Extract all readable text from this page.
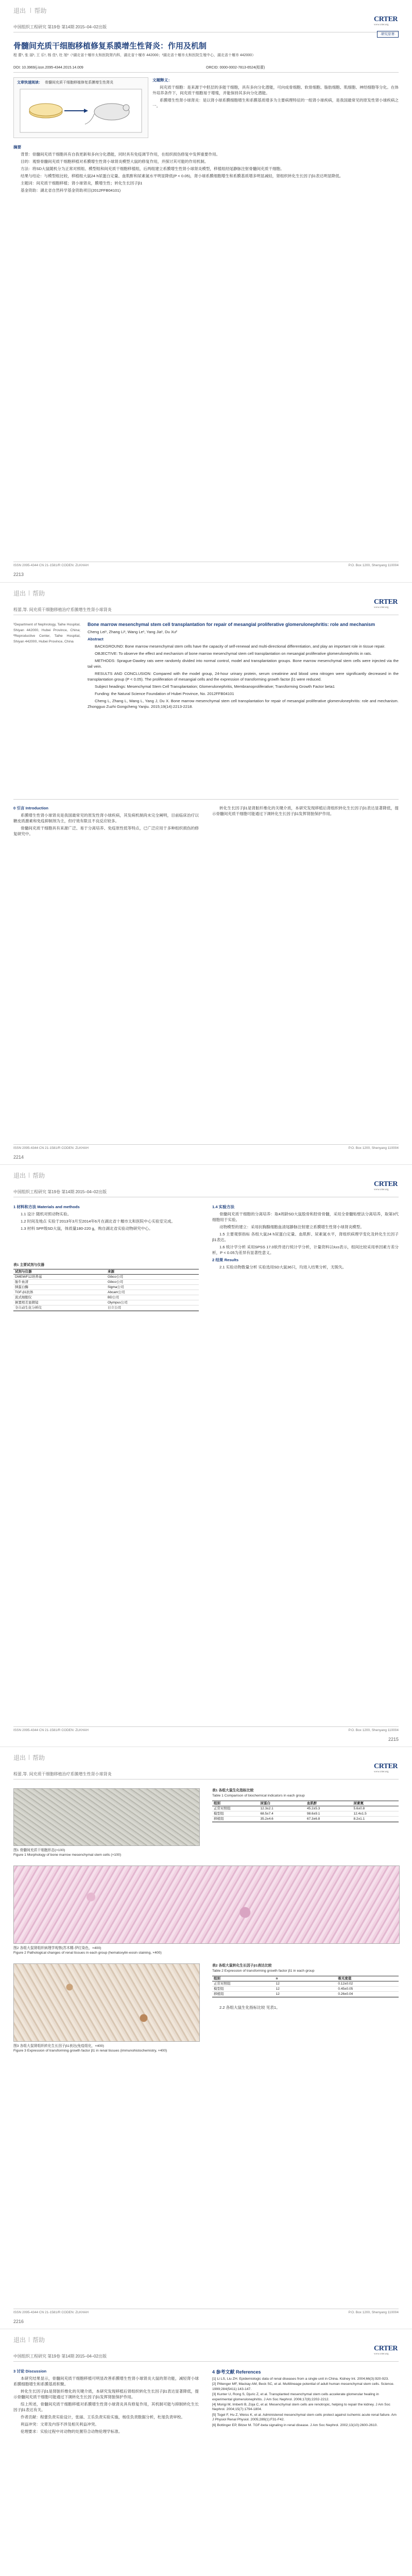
退出 帮助
中国组织工程研究 第19卷 第14期 2015–04–02出版
CRTER
www.crter.org
·研究原著·
骨髓间充质干细胞移植修复系膜增生性肾炎：作用及机制
程 蕾¹, 张 丽¹, 王 乐¹, 杨 佳¹, 杜 旭²（¹湖北省十堰市太和医院肾内科，湖北省十堰市 442000；²湖北省十堰市太和医院生殖中心，湖北省十堰市 442000）
DOI: 10.3969/j.issn.2095-4344.2015.14.009	ORCID: 0000-0002-7813-6524(程蕾)
文章快速阅读： 骨髓间充质干细胞移植修复系膜增生性肾炎

文题释义：

间充质干细胞：是来源于中胚层的多能干细胞，具有多向分化潜能，可向成骨细胞、软骨细胞、脂肪细胞、肌细胞、神经细胞等分化。在体外培养条件下，间充质干细胞易于增殖，并能保持其多向分化潜能。

系膜增生性肾小球肾炎：是以肾小球系膜细胞增生和系膜基质增多为主要病理特征的一组肾小球疾病，是我国最常见的原发性肾小球疾病之一。

摘要

背景：骨髓间充质干细胞具有自我更新和多向分化潜能，同时具有免疫调节作用，在组织损伤修复中发挥重要作用。

目的：观察骨髓间充质干细胞移植对系膜增生性肾小球肾炎模型大鼠的修复作用，并探讨其可能的作用机制。

方法：将SD大鼠随机分为正常对照组、模型组和间充质干细胞移植组，后两组建立系膜增生性肾小球肾炎模型，移植组经尾静脉注射骨髓间充质干细胞。

结果与结论：与模型组比较，移植组大鼠24 h尿蛋白定量、血肌酐和尿素氮水平明显降低(P < 0.05)，肾小球系膜细胞增生和系膜基质增多明显减轻，肾组织转化生长因子β1表达明显降低。

主题词：间充质干细胞移植；肾小球肾炎，膜增生性；转化生长因子β1

基金资助：湖北省自然科学基金资助项目(2012FFB04101)

ISSN 2095-4344 CN 21-1581/R CODEN: ZLKHAH	P.O. Box 1200, Shenyang 110004
2213
退出 帮助
程蕾,等. 间充质干细胞移植治疗系膜增生性肾小球肾炎
CRTER
www.crter.org
¹Department of Nephrology, Taihe Hospital, Shiyan 442000, Hubei Province, China; ²Reproductive Center, Taihe Hospital, Shiyan 442000, Hubei Province, China

Bone marrow mesenchymal stem cell transplantation for repair of mesangial proliferative glomerulonephritis: role and mechanism

Cheng Lei¹, Zhang Li¹, Wang Le¹, Yang Jia¹, Du Xu²

Abstract

BACKGROUND: Bone marrow mesenchymal stem cells have the capacity of self-renewal and multi-directional differentiation, and play an important role in tissue repair.

OBJECTIVE: To observe the effect and mechanism of bone marrow mesenchymal stem cell transplantation on mesangial proliferative glomerulonephritis in rats.

METHODS: Sprague-Dawley rats were randomly divided into normal control, model and transplantation groups. Bone marrow mesenchymal stem cells were injected via the tail vein.

RESULTS AND CONCLUSION: Compared with the model group, 24-hour urinary protein, serum creatinine and blood urea nitrogen were significantly decreased in the transplantation group (P < 0.05). The proliferation of mesangial cells and the expression of transforming growth factor β1 were reduced.

Subject headings: Mesenchymal Stem Cell Transplantation; Glomerulonephritis, Membranoproliferative; Transforming Growth Factor beta1

Funding: the Natural Science Foundation of Hubei Province, No. 2012FFB04101

Cheng L, Zhang L, Wang L, Yang J, Du X. Bone marrow mesenchymal stem cell transplantation for repair of mesangial proliferative glomerulonephritis: role and mechanism. Zhongguo Zuzhi Gongcheng Yanjiu. 2015;19(14):2213-2218.

0 引言 Introduction

系膜增生性肾小球肾炎是我国最常见的原发性肾小球疾病，其发病机制尚未完全阐明，目前临床治疗以糖皮质激素和免疫抑制剂为主，但疗效有限且不良反应较多。

骨髓间充质干细胞具有来源广泛、易于分离培养、免疫原性低等特点，已广泛应用于多种组织损伤的修复研究中。

转化生长因子β1是肾脏纤维化的关键介质，本研究发现移植后肾组织转化生长因子β1表达显著降低，提示骨髓间充质干细胞可能通过下调转化生长因子β1发挥肾脏保护作用。

ISSN 2095-4344 CN 21-1581/R CODEN: ZLKHAH	P.O. Box 1200, Shenyang 110004
2214
退出 帮助
中国组织工程研究 第19卷 第14期 2015–04–02出版
CRTER
www.crter.org

1 材料和方法 Materials and methods

1.1 设计 随机对照动物实验。

1.2 时间及地点 实验于2013年3月至2014年6月在湖北省十堰市太和医院中心实验室完成。

1.3 材料 SPF级SD大鼠，体质量180-220 g，购自湖北省实验动物研究中心。

表1 主要试剂与仪器
试剂与仪器	来源
DMEM/F12培养基	Gibco公司
胎牛血清	Gibco公司
胰蛋白酶	Sigma公司
TGF-β1抗体	Abcam公司
流式细胞仪	BD公司
倒置相差显微镜	Olympus公司
全自动生化分析仪	日立公司

1.4 实验方法

骨髓间充质干细胞的分离培养：取4周龄SD大鼠股骨和胫骨骨髓，采用全骨髓贴壁法分离培养，取第3代细胞用于实验。

动物模型的建立：采用抗胸腺细胞血清尾静脉注射建立系膜增生性肾小球肾炎模型。

1.5 主要观察指标 各组大鼠24 h尿蛋白定量、血肌酐、尿素氮水平，肾组织病理学变化及转化生长因子β1表达。

1.6 统计学分析 采用SPSS 17.0软件进行统计学分析，计量资料以x̄±s表示，组间比较采用单因素方差分析，P < 0.05为差异有显著性意义。

2 结果 Results

2.1 实验动物数量分析 实验选用SD大鼠36只，均进入结果分析，无脱失。

ISSN 2095-4344 CN 21-1581/R CODEN: ZLKHAH	P.O. Box 1200, Shenyang 110004
2215
退出 帮助
程蕾,等. 间充质干细胞移植治疗系膜增生性肾小球肾炎
CRTER
www.crter.org
图1 骨髓间充质干细胞形态(×100)
Figure 1 Morphology of bone marrow mesenchymal stem cells (×100)
表1 各组大鼠生化指标比较
Table 1 Comparison of biochemical indicators in each group
组别	尿蛋白	血肌酐	尿素氮
正常对照组	12.3±2.1	45.2±5.3	5.6±0.8
模型组	68.5±7.4	98.6±9.1	12.4±1.5
移植组	35.2±4.6	67.3±6.8	8.2±1.1
图2 各组大鼠肾组织病理学观察(苏木精-伊红染色，×400)
Figure 2 Pathological changes of renal tissues in each group (hematoxylin-eosin staining, ×400)
图3 各组大鼠肾组织转化生长因子β1表达(免疫组化，×400)
Figure 3 Expression of transforming growth factor β1 in renal tissues (immunohistochemistry, ×400)
表2 各组大鼠转化生长因子β1表达比较
Table 2 Expression of transforming growth factor β1 in each group
组别	n	吸光度值
正常对照组	12	0.12±0.02
模型组	12	0.45±0.05
移植组	12	0.26±0.04

2.2 各组大鼠生化指标比较 见表1。

ISSN 2095-4344 CN 21-1581/R CODEN: ZLKHAH	P.O. Box 1200, Shenyang 110004
2216
退出 帮助
中国组织工程研究 第19卷 第14期 2015–04–02出版
CRTER
www.crter.org

3 讨论 Discussion

本研究结果显示，骨髓间充质干细胞移植可明显改善系膜增生性肾小球肾炎大鼠的肾功能，减轻肾小球系膜细胞增生和系膜基质积聚。

转化生长因子β1是肾脏纤维化的关键介质，本研究发现移植后肾组织转化生长因子β1表达显著降低，提示骨髓间充质干细胞可能通过下调转化生长因子β1发挥肾脏保护作用。

综上所述，骨髓间充质干细胞移植对系膜增生性肾小球肾炎具有修复作用，其机制可能与抑制转化生长因子β1表达有关。

作者贡献：程蕾负责实验设计，张丽、王乐负责实验实施，杨佳负责数据分析，杜旭负责审校。

利益冲突：文章及内容不涉及相关利益冲突。

伦理要求：实验过程中对动物的处置符合动物伦理学标准。

4 参考文献 References
[1] Li LS, Liu ZH. Epidemiologic data of renal diseases from a single unit in China. Kidney Int. 2004;66(3):920-923.
[2] Pittenger MF, Mackay AM, Beck SC, et al. Multilineage potential of adult human mesenchymal stem cells. Science. 1999;284(5411):143-147.
[3] Kunter U, Rong S, Djuric Z, et al. Transplanted mesenchymal stem cells accelerate glomerular healing in experimental glomerulonephritis. J Am Soc Nephrol. 2006;17(8):2202-2212.
[4] Morigi M, Imberti B, Zoja C, et al. Mesenchymal stem cells are renotropic, helping to repair the kidney. J Am Soc Nephrol. 2004;15(7):1794-1804.
[5] Togel F, Hu Z, Weiss K, et al. Administered mesenchymal stem cells protect against ischemic acute renal failure. Am J Physiol Renal Physiol. 2005;289(1):F31-F42.
[6] Bottinger EP, Bitzer M. TGF-beta signaling in renal disease. J Am Soc Nephrol. 2002;13(10):2600-2610.
